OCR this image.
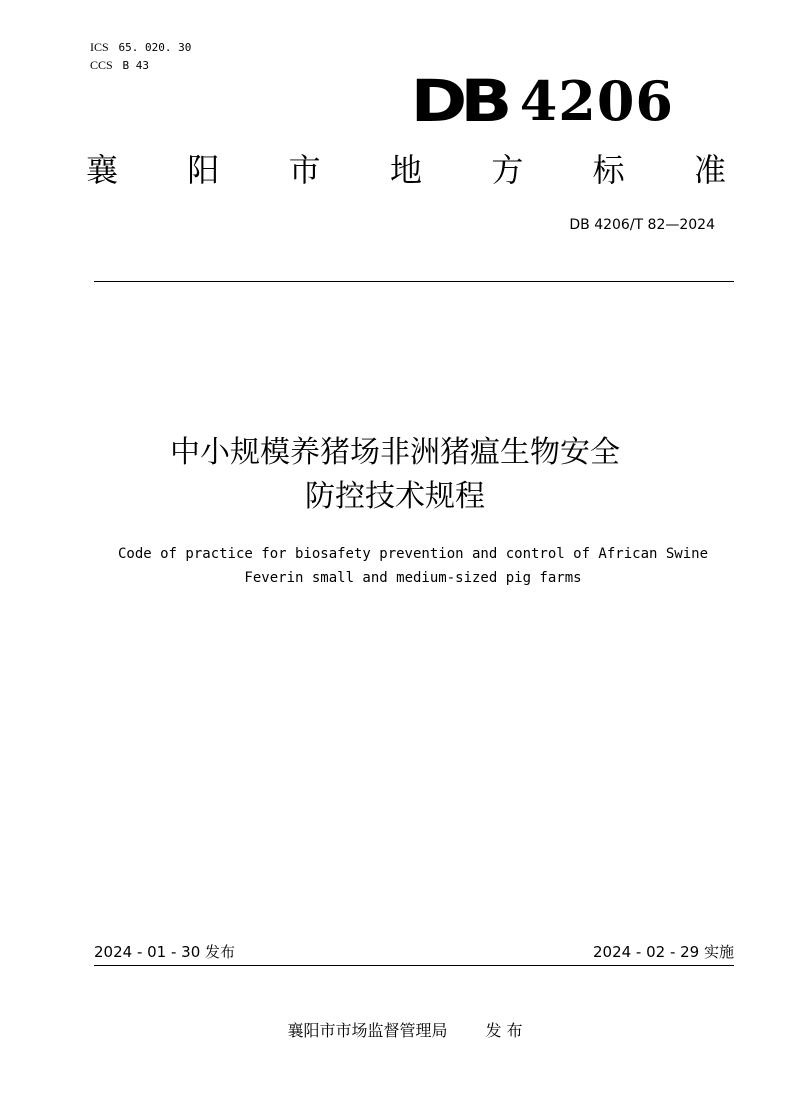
ICS 65. 020. 30
CCS B 43
DB 4206
襄 阳 市 地 方 标 准
DB 4206/T 82—2024
中小规模养猪场非洲猪瘟生物安全
防控技术规程
Code of practice for biosafety prevention and control of African Swine
Feverin small and medium-sized pig farms
2024 - 01 - 30 发布	2024 - 02 - 29 实施
襄阳市市场监督管理局 发 布
